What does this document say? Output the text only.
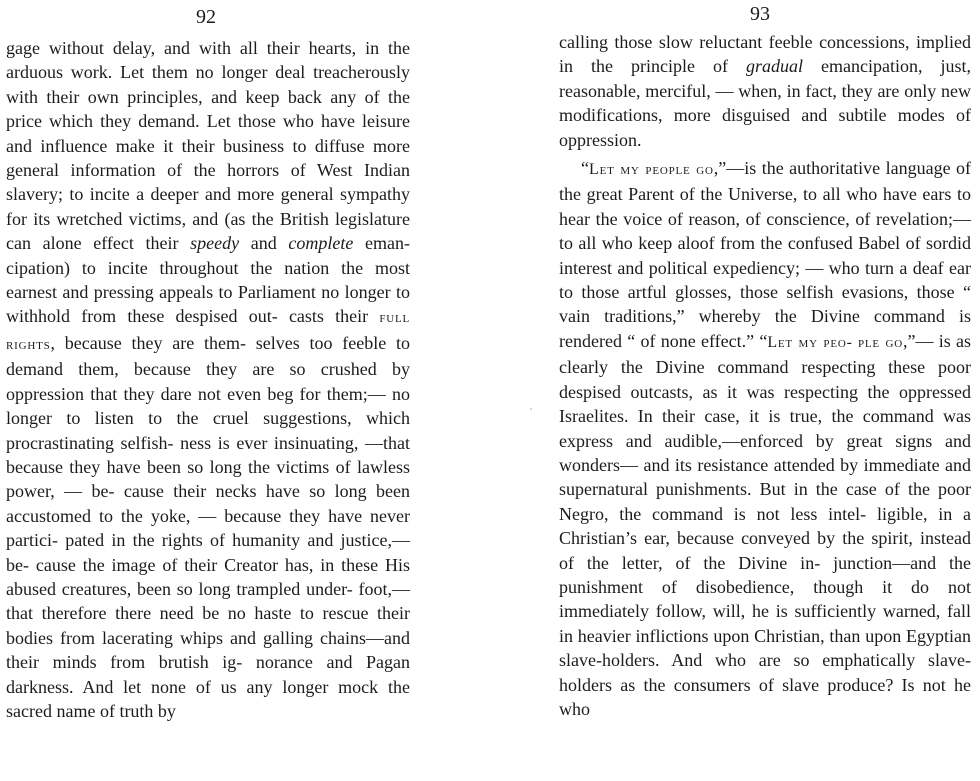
92	93

gage without delay, and with all their hearts, in the arduous work. Let them no longer deal treacherously with their own principles, and keep back any of the price which they demand. Let those who have leisure and influence make it their business to diffuse more general information of the horrors of West Indian slavery; to incite a deeper and more general sympathy for its wretched victims, and (as the British legislature can alone effect their speedy and complete eman- cipation) to incite throughout the nation the most earnest and pressing appeals to Parliament no longer to withhold from these despised out- casts their full rights, because they are them- selves too feeble to demand them, because they are so crushed by oppression that they dare not even beg for them;— no longer to listen to the cruel suggestions, which procrastinating selfish- ness is ever insinuating, —that because they have been so long the victims of lawless power, — be- cause their necks have so long been accustomed to the yoke, — because they have never partici- pated in the rights of humanity and justice,—be- cause the image of their Creator has, in these His abused creatures, been so long trampled under- foot,—that therefore there need be no haste to rescue their bodies from lacerating whips and galling chains—and their minds from brutish ig- norance and Pagan darkness. And let none of us any longer mock the sacred name of truth by

calling those slow reluctant feeble concessions, implied in the principle of gradual emancipation, just, reasonable, merciful, — when, in fact, they are only new modifications, more disguised and subtile modes of oppression.

“Let my people go,”—is the authoritative language of the great Parent of the Universe, to all who have ears to hear the voice of reason, of conscience, of revelation;—to all who keep aloof from the confused Babel of sordid interest and political expediency; — who turn a deaf ear to those artful glosses, those selfish evasions, those “ vain traditions,” whereby the Divine command is rendered “ of none effect.” “Let my peo- ple go,”— is as clearly the Divine command respecting these poor despised outcasts, as it was respecting the oppressed Israelites. In their case, it is true, the command was express and audible,—enforced by great signs and wonders— and its resistance attended by immediate and supernatural punishments. But in the case of the poor Negro, the command is not less intel- ligible, in a Christian’s ear, because conveyed by the spirit, instead of the letter, of the Divine in- junction—and the punishment of disobedience, though it do not immediately follow, will, he is sufficiently warned, fall in heavier inflictions upon Christian, than upon Egyptian slave-holders. And who are so emphatically slave-holders as the consumers of slave produce? Is not he who
